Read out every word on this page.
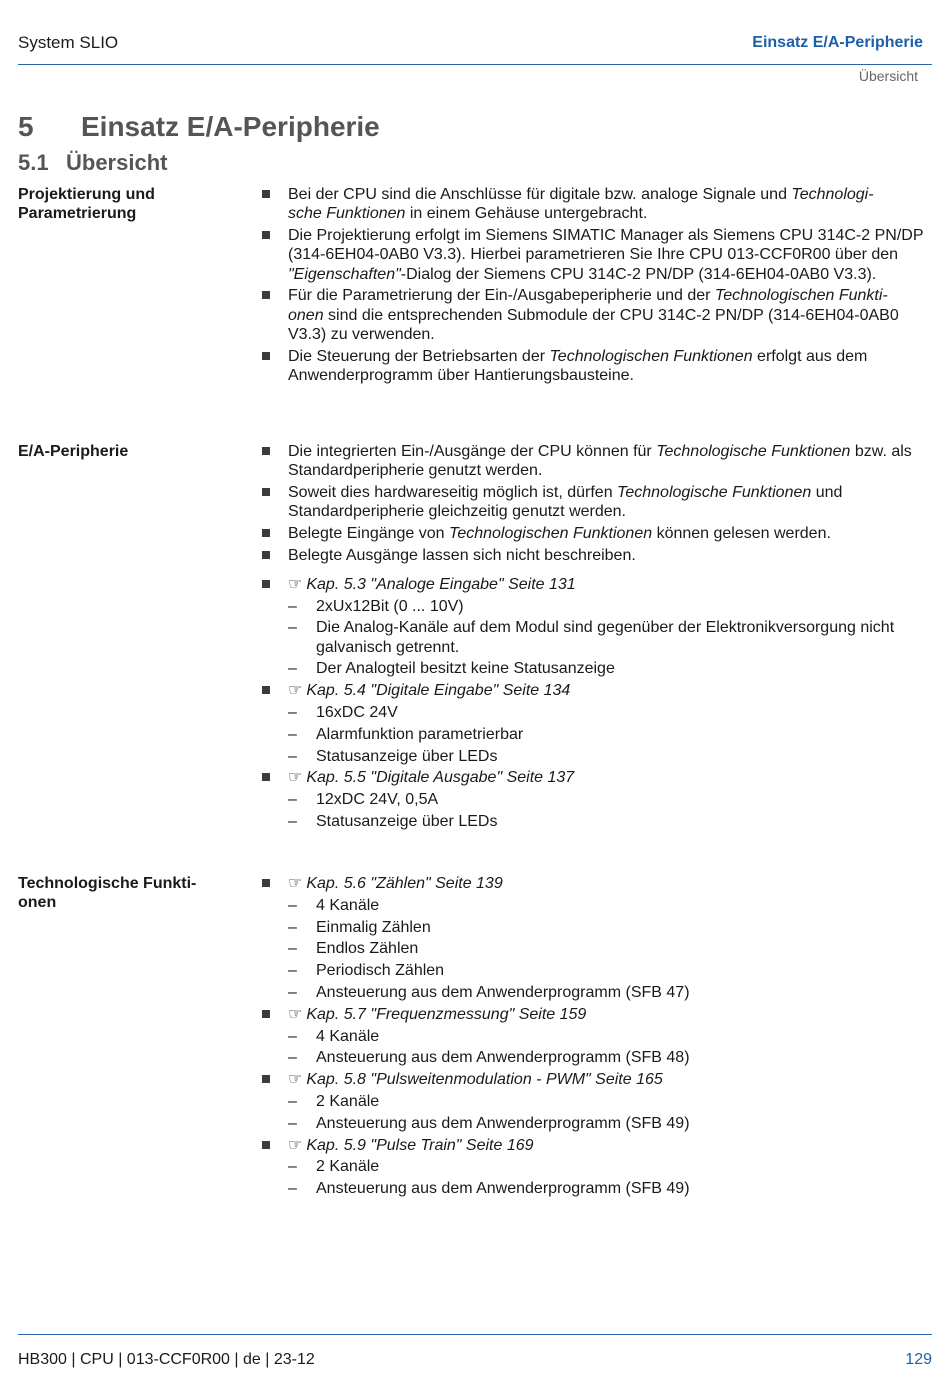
System SLIO	Einsatz E/A-Peripherie
Übersicht
5 Einsatz E/A-Peripherie
5.1 Übersicht
Projektierung und Parametrierung
Bei der CPU sind die Anschlüsse für digitale bzw. analoge Signale und Technologi-
sche Funktionen in einem Gehäuse untergebracht.
Die Projektierung erfolgt im Siemens SIMATIC Manager als Siemens CPU 314C-2 PN/DP (314-6EH04-0AB0 V3.3). Hierbei parametrieren Sie Ihre CPU 013-CCF0R00 über den "Eigenschaften"-Dialog der Siemens CPU 314C-2 PN/DP (314-6EH04-0AB0 V3.3).
Für die Parametrierung der Ein-/Ausgabeperipherie und der Technologischen Funkti-
onen sind die entsprechenden Submodule der CPU 314C-2 PN/DP (314-6EH04-0AB0 V3.3) zu verwenden.
Die Steuerung der Betriebsarten der Technologischen Funktionen erfolgt aus dem Anwenderprogramm über Hantierungsbausteine.
E/A-Peripherie	Die integrierten Ein-/Ausgänge der CPU können für Technologische Funktionen bzw. als Standardperipherie genutzt werden.
Soweit dies hardwareseitig möglich ist, dürfen Technologische Funktionen und Standardperipherie gleichzeitig genutzt werden.
Belegte Eingänge von Technologischen Funktionen können gelesen werden.
Belegte Ausgänge lassen sich nicht beschreiben.
☞ Kap. 5.3 "Analoge Eingabe" Seite 131
– 2xUx12Bit (0 ... 10V)
– Die Analog-Kanäle auf dem Modul sind gegenüber der Elektronikversorgung nicht galvanisch getrennt.
– Der Analogteil besitzt keine Statusanzeige
☞ Kap. 5.4 "Digitale Eingabe" Seite 134
– 16xDC 24V
– Alarmfunktion parametrierbar
– Statusanzeige über LEDs
☞ Kap. 5.5 "Digitale Ausgabe" Seite 137
– 12xDC 24V, 0,5A
– Statusanzeige über LEDs
Technologische Funkti-
onen
☞ Kap. 5.6 "Zählen" Seite 139
– 4 Kanäle
– Einmalig Zählen
– Endlos Zählen
– Periodisch Zählen
– Ansteuerung aus dem Anwenderprogramm (SFB 47)
☞ Kap. 5.7 "Frequenzmessung" Seite 159
– 4 Kanäle
– Ansteuerung aus dem Anwenderprogramm (SFB 48)
☞ Kap. 5.8 "Pulsweitenmodulation - PWM" Seite 165
– 2 Kanäle
– Ansteuerung aus dem Anwenderprogramm (SFB 49)
☞ Kap. 5.9 "Pulse Train" Seite 169
– 2 Kanäle
– Ansteuerung aus dem Anwenderprogramm (SFB 49)
HB300 | CPU | 013-CCF0R00 | de | 23-12	129
